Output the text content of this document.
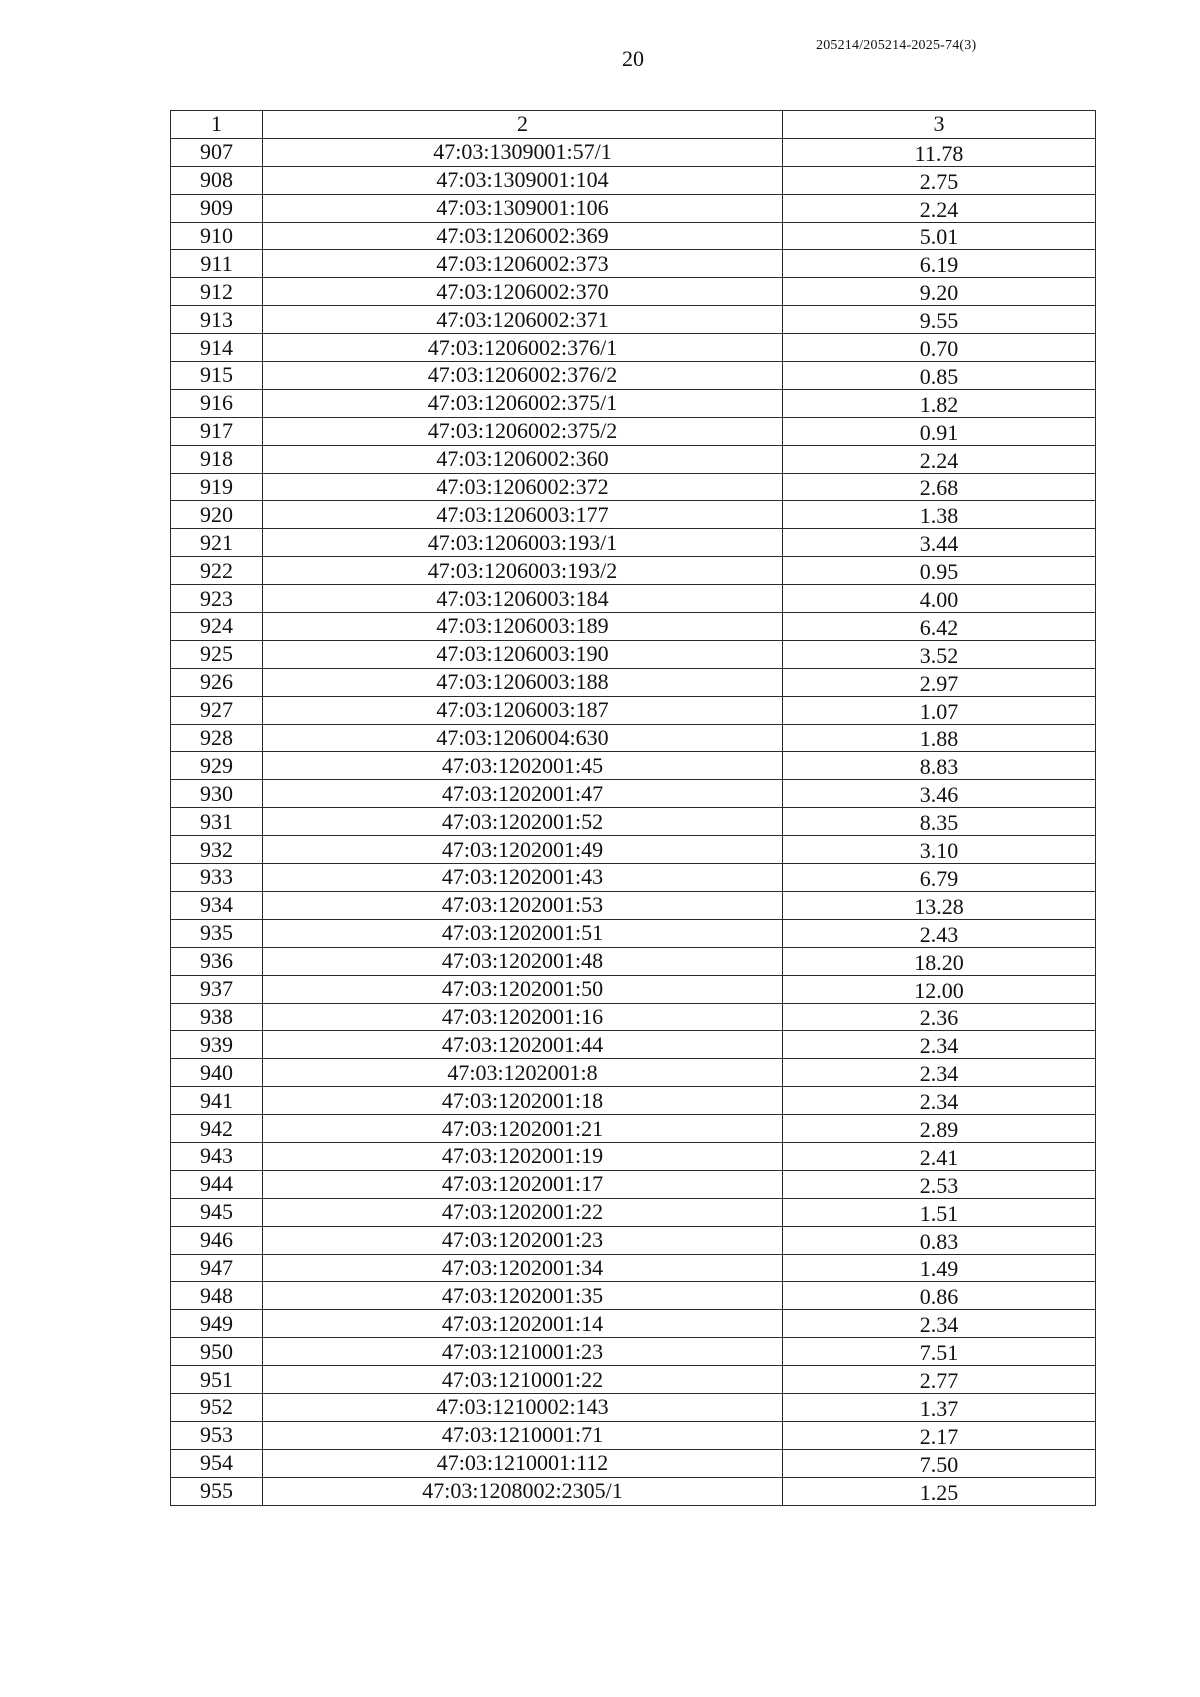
20
205214/205214-2025-74(3)
1	2	3
907	47:03:1309001:57/1	11.78
908	47:03:1309001:104	2.75
909	47:03:1309001:106	2.24
910	47:03:1206002:369	5.01
911	47:03:1206002:373	6.19
912	47:03:1206002:370	9.20
913	47:03:1206002:371	9.55
914	47:03:1206002:376/1	0.70
915	47:03:1206002:376/2	0.85
916	47:03:1206002:375/1	1.82
917	47:03:1206002:375/2	0.91
918	47:03:1206002:360	2.24
919	47:03:1206002:372	2.68
920	47:03:1206003:177	1.38
921	47:03:1206003:193/1	3.44
922	47:03:1206003:193/2	0.95
923	47:03:1206003:184	4.00
924	47:03:1206003:189	6.42
925	47:03:1206003:190	3.52
926	47:03:1206003:188	2.97
927	47:03:1206003:187	1.07
928	47:03:1206004:630	1.88
929	47:03:1202001:45	8.83
930	47:03:1202001:47	3.46
931	47:03:1202001:52	8.35
932	47:03:1202001:49	3.10
933	47:03:1202001:43	6.79
934	47:03:1202001:53	13.28
935	47:03:1202001:51	2.43
936	47:03:1202001:48	18.20
937	47:03:1202001:50	12.00
938	47:03:1202001:16	2.36
939	47:03:1202001:44	2.34
940	47:03:1202001:8	2.34
941	47:03:1202001:18	2.34
942	47:03:1202001:21	2.89
943	47:03:1202001:19	2.41
944	47:03:1202001:17	2.53
945	47:03:1202001:22	1.51
946	47:03:1202001:23	0.83
947	47:03:1202001:34	1.49
948	47:03:1202001:35	0.86
949	47:03:1202001:14	2.34
950	47:03:1210001:23	7.51
951	47:03:1210001:22	2.77
952	47:03:1210002:143	1.37
953	47:03:1210001:71	2.17
954	47:03:1210001:112	7.50
955	47:03:1208002:2305/1	1.25
